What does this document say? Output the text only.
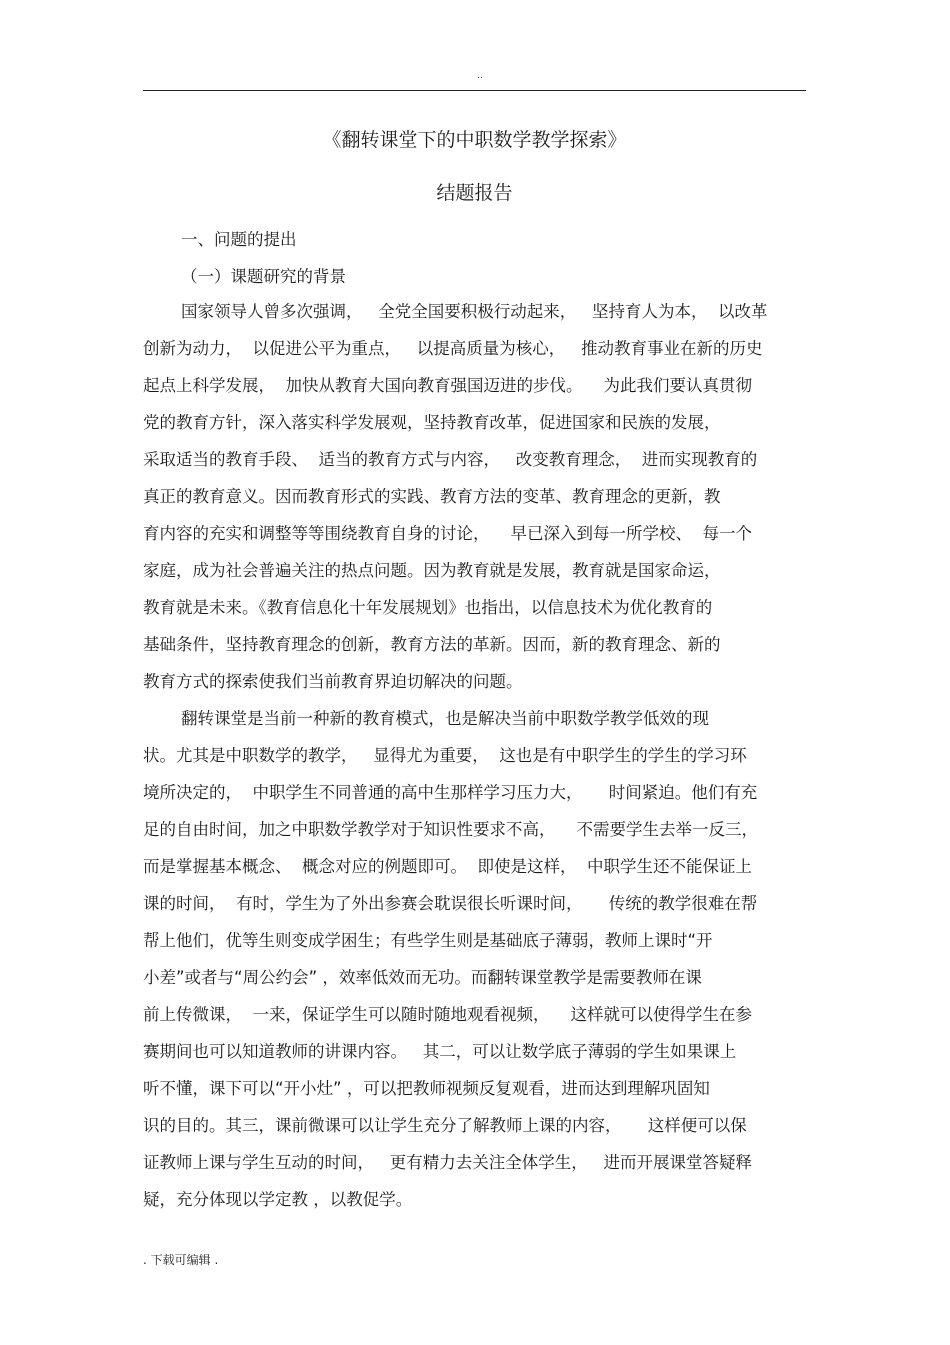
..
《翻转课堂下的中职数学教学探索》
结题报告
一、问题的提出
（一）课题研究的背景
国家领导人曾多次强调，   全党全国要积极行动起来，   坚持育人为本，  以改革
创新为动力，  以促进公平为重点，   以提高质量为核心，   推动教育事业在新的历史
起点上科学发展，  加快从教育大国向教育强国迈进的步伐。    为此我们要认真贯彻
党的教育方针，深入落实科学发展观，坚持教育改革，促进国家和民族的发展，
采取适当的教育手段、  适当的教育方式与内容，   改变教育理念，  进而实现教育的
真正的教育意义。因而教育形式的实践、教育方法的变革、教育理念的更新，教
育内容的充实和调整等等围绕教育自身的讨论，    早已深入到每一所学校、  每一个
家庭，成为社会普遍关注的热点问题。因为教育就是发展，教育就是国家命运，
教育就是未来。《教育信息化十年发展规划》也指出，以信息技术为优化教育的
基础条件，坚持教育理念的创新，教育方法的革新。因而，新的教育理念、新的
教育方式的探索使我们当前教育界迫切解决的问题。
翻转课堂是当前一种新的教育模式，也是解决当前中职数学教学低效的现
状。尤其是中职数学的教学，   显得尤为重要，  这也是有中职学生的学生的学习环
境所决定的，  中职学生不同普通的高中生那样学习压力大，     时间紧迫。他们有充
足的自由时间，加之中职数学教学对于知识性要求不高，    不需要学生去举一反三，
而是掌握基本概念、  概念对应的例题即可。  即使是这样，  中职学生还不能保证上
课的时间，  有时，学生为了外出参赛会耽误很长听课时间，     传统的教学很难在帮
帮上他们，优等生则变成学困生；有些学生则是基础底子薄弱，教师上课时“开
小差”或者与“周公约会” ，效率低效而无功。而翻转课堂教学是需要教师在课
前上传微课，  一来，保证学生可以随时随地观看视频，    这样就可以使得学生在参
赛期间也可以知道教师的讲课内容。   其二，可以让数学底子薄弱的学生如果课上
听不懂，课下可以“开小灶” ，可以把教师视频反复观看，进而达到理解巩固知
识的目的。其三，课前微课可以让学生充分了解教师上课的内容，     这样便可以保
证教师上课与学生互动的时间，   更有精力去关注全体学生，   进而开展课堂答疑释
疑，充分体现以学定教 ，以教促学。
. 下载可编辑 .
